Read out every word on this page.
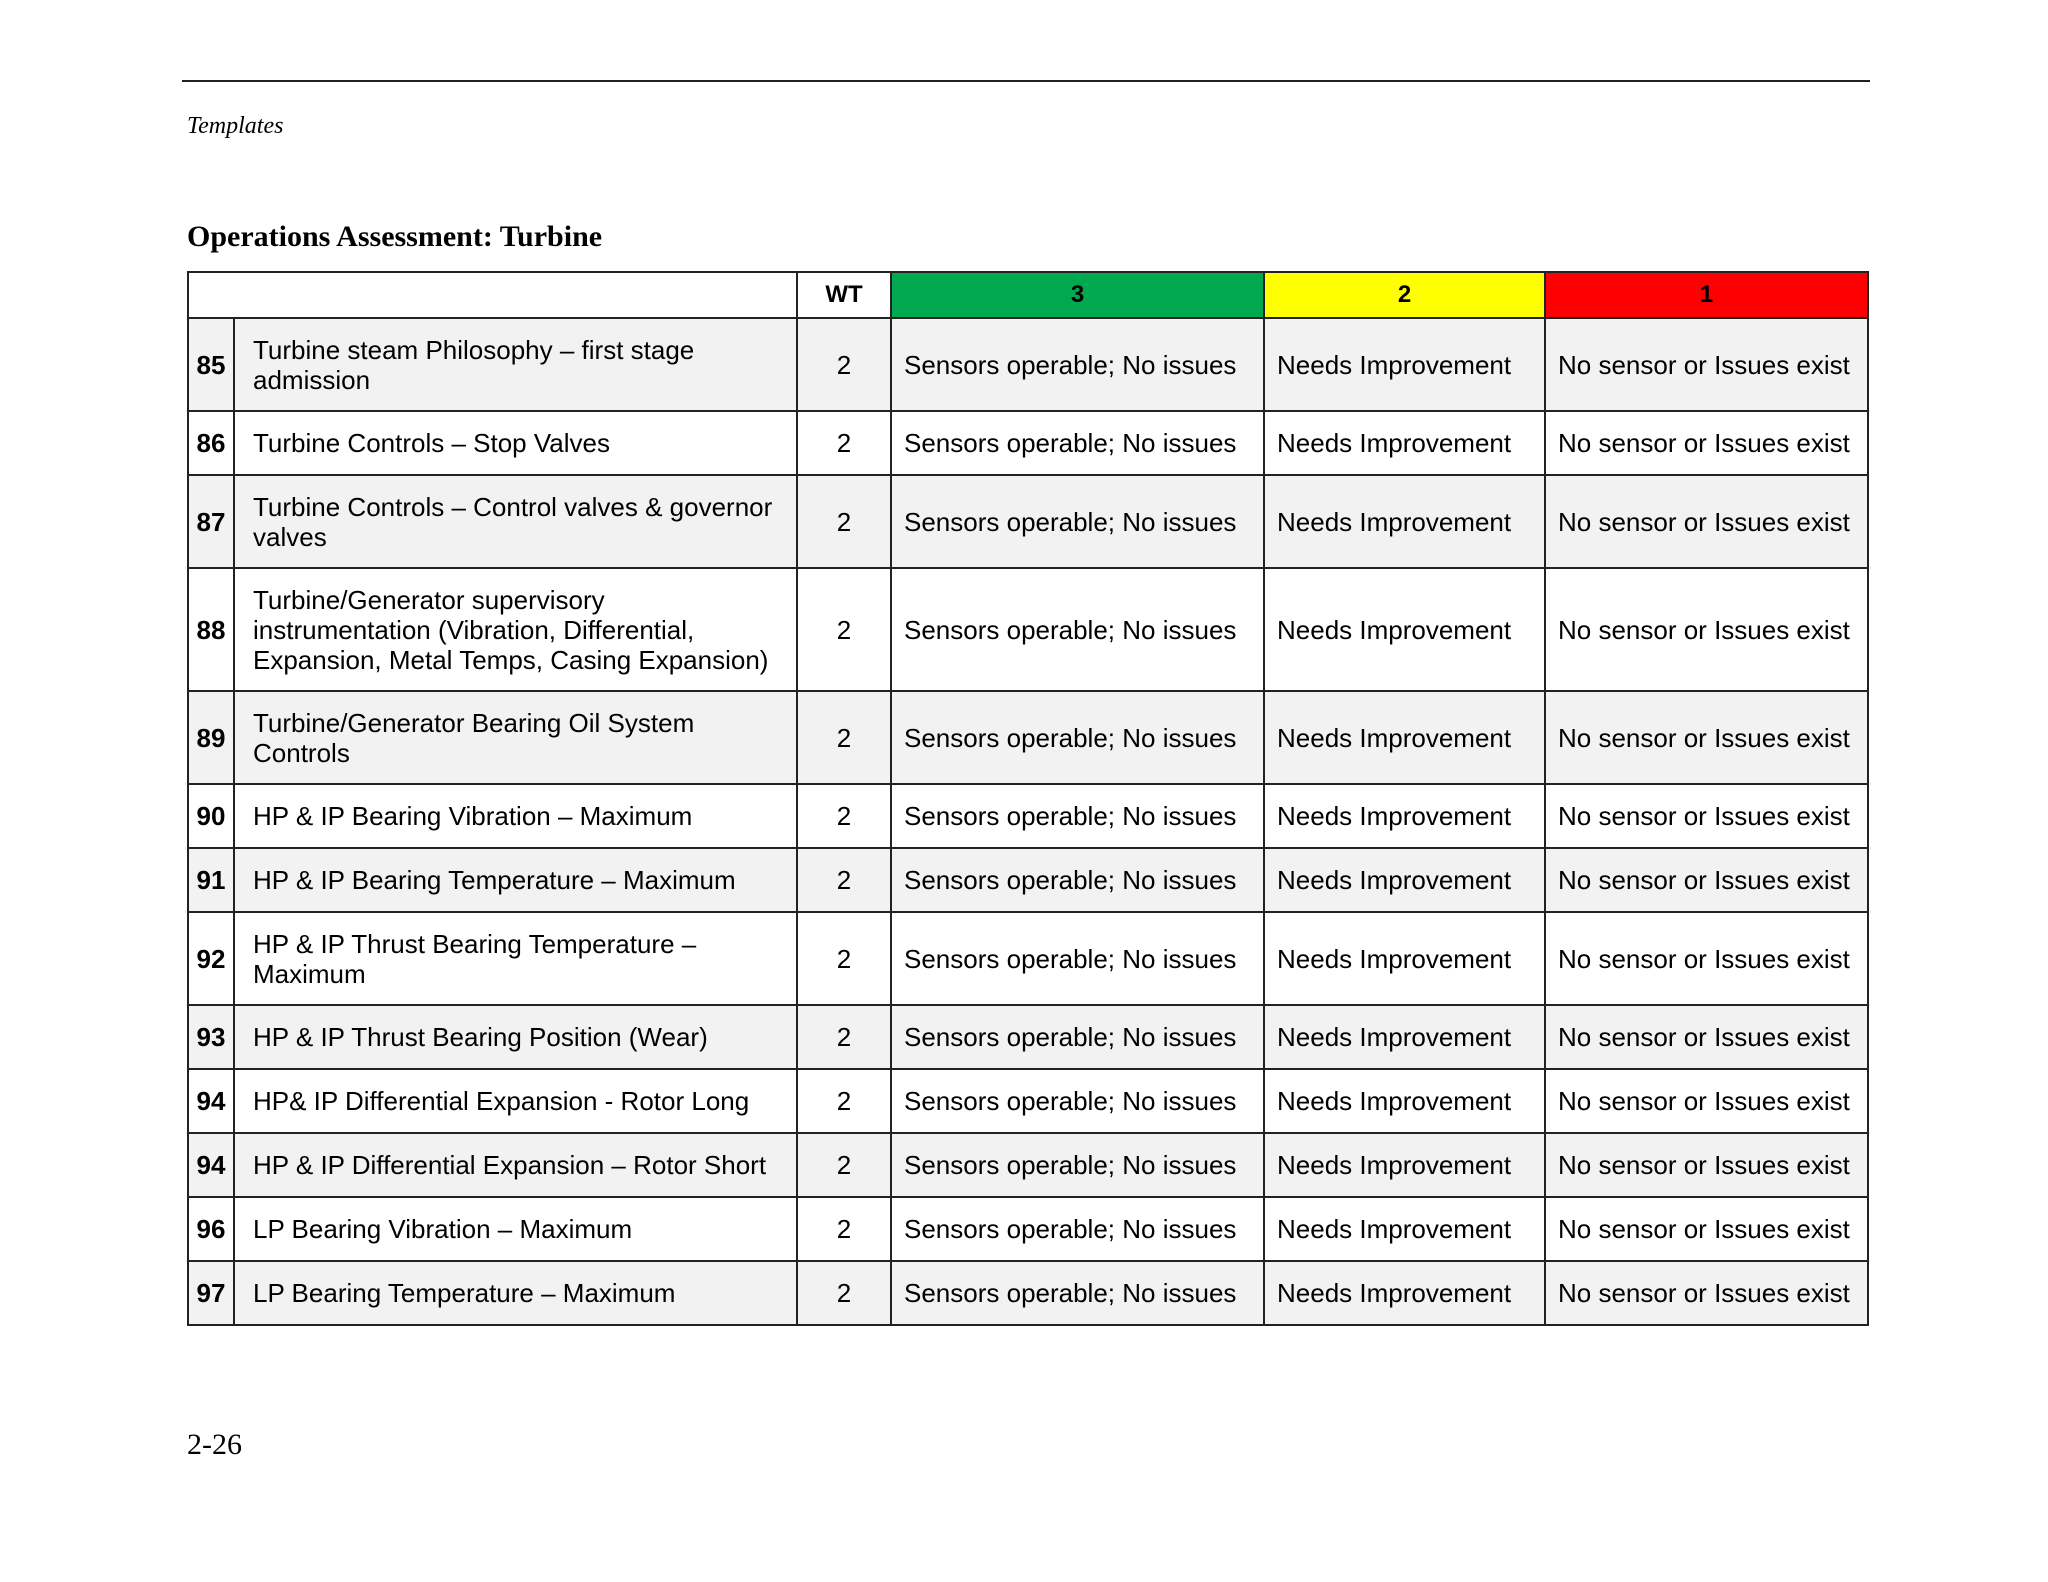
Templates
Operations Assessment: Turbine
		WT	3	2	1
85	Turbine steam Philosophy – first stage admission	2	Sensors operable; No issues	Needs Improvement	No sensor or Issues exist
86	Turbine Controls – Stop Valves	2	Sensors operable; No issues	Needs Improvement	No sensor or Issues exist
87	Turbine Controls – Control valves & governor valves	2	Sensors operable; No issues	Needs Improvement	No sensor or Issues exist
88	Turbine/Generator supervisory instrumentation (Vibration, Differential, Expansion, Metal Temps, Casing Expansion)	2	Sensors operable; No issues	Needs Improvement	No sensor or Issues exist
89	Turbine/Generator Bearing Oil System Controls	2	Sensors operable; No issues	Needs Improvement	No sensor or Issues exist
90	HP & IP Bearing Vibration – Maximum	2	Sensors operable; No issues	Needs Improvement	No sensor or Issues exist
91	HP & IP Bearing Temperature – Maximum	2	Sensors operable; No issues	Needs Improvement	No sensor or Issues exist
92	HP & IP Thrust Bearing Temperature – Maximum	2	Sensors operable; No issues	Needs Improvement	No sensor or Issues exist
93	HP & IP Thrust Bearing Position (Wear)	2	Sensors operable; No issues	Needs Improvement	No sensor or Issues exist
94	HP& IP Differential Expansion - Rotor Long	2	Sensors operable; No issues	Needs Improvement	No sensor or Issues exist
94	HP & IP Differential Expansion – Rotor Short	2	Sensors operable; No issues	Needs Improvement	No sensor or Issues exist
96	LP Bearing Vibration – Maximum	2	Sensors operable; No issues	Needs Improvement	No sensor or Issues exist
97	LP Bearing Temperature – Maximum	2	Sensors operable; No issues	Needs Improvement	No sensor or Issues exist
2-26
